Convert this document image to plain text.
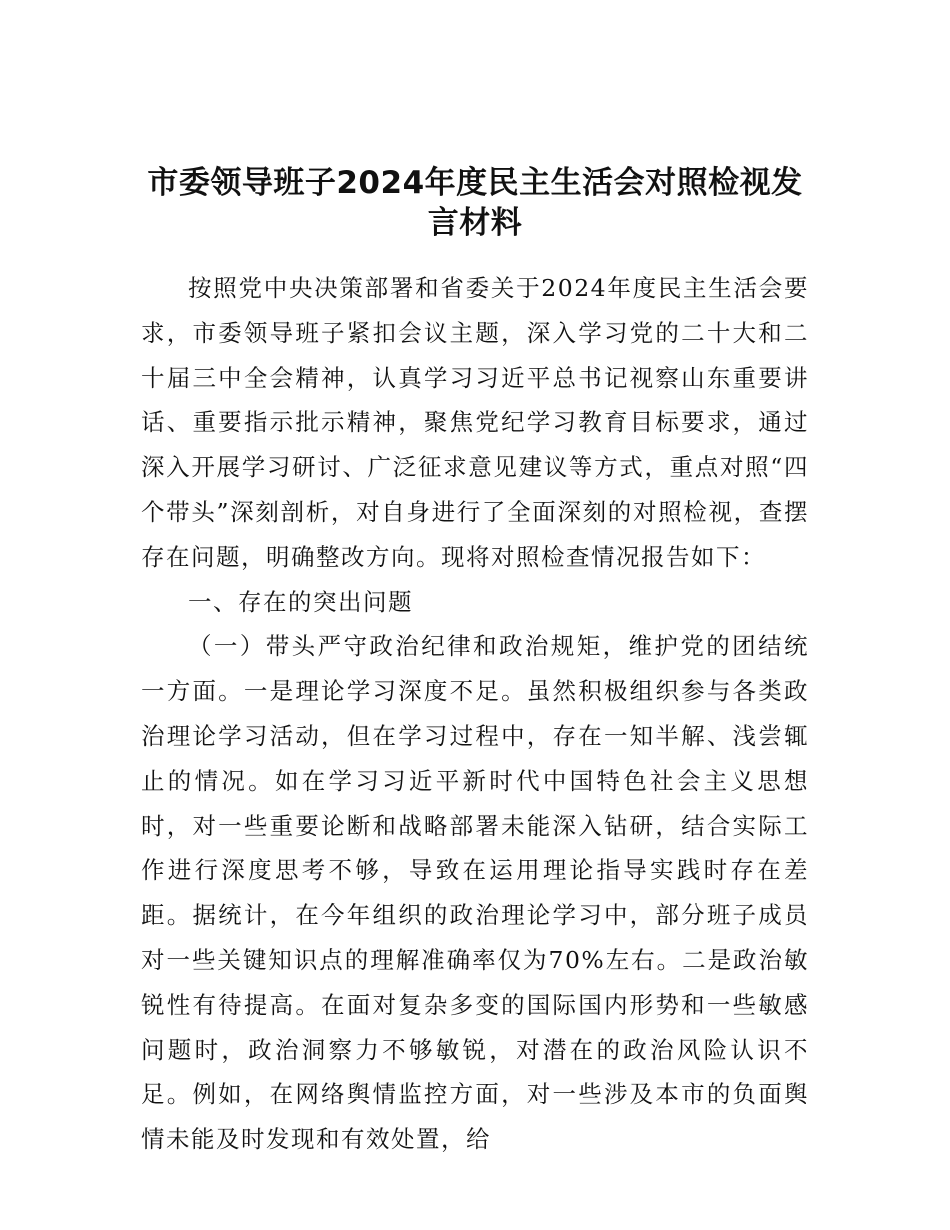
市委领导班子2024年度民主生活会对照检视发言材料

按照党中央决策部署和省委关于2024年度民主生活会要求，市委领导班子紧扣会议主题，深入学习党的二十大和二十届三中全会精神，认真学习习近平总书记视察山东重要讲话、重要指示批示精神，聚焦党纪学习教育目标要求，通过深入开展学习研讨、广泛征求意见建议等方式，重点对照“四个带头”深刻剖析，对自身进行了全面深刻的对照检视，查摆存在问题，明确整改方向。现将对照检查情况报告如下：

一、存在的突出问题

（一）带头严守政治纪律和政治规矩，维护党的团结统一方面。一是理论学习深度不足。虽然积极组织参与各类政治理论学习活动，但在学习过程中，存在一知半解、浅尝辄止的情况。如在学习习近平新时代中国特色社会主义思想时，对一些重要论断和战略部署未能深入钻研，结合实际工作进行深度思考不够，导致在运用理论指导实践时存在差距。据统计，在今年组织的政治理论学习中，部分班子成员对一些关键知识点的理解准确率仅为70%左右。二是政治敏锐性有待提高。在面对复杂多变的国际国内形势和一些敏感问题时，政治洞察力不够敏锐，对潜在的政治风险认识不足。例如，在网络舆情监控方面，对一些涉及本市的负面舆情未能及时发现和有效处置，给
